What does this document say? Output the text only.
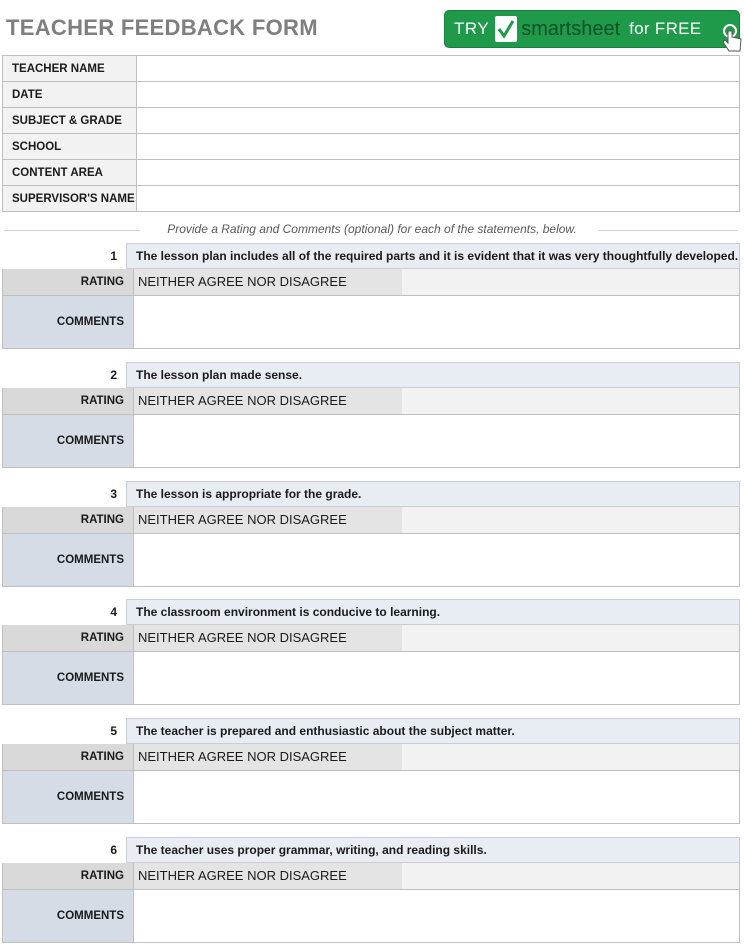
TEACHER FEEDBACK FORM	TRY smartsheet for FREE
TEACHER NAME	
DATE	
SUBJECT & GRADE	
SCHOOL	
CONTENT AREA	
SUPERVISOR'S NAME	
Provide a Rating and Comments (optional) for each of the statements, below.
1	The lesson plan includes all of the required parts and it is evident that it was very thoughtfully developed.
RATING	NEITHER AGREE NOR DISAGREE
COMMENTS
2	The lesson plan made sense.
RATING	NEITHER AGREE NOR DISAGREE
COMMENTS
3	The lesson is appropriate for the grade.
RATING	NEITHER AGREE NOR DISAGREE
COMMENTS
4	The classroom environment is conducive to learning.
RATING	NEITHER AGREE NOR DISAGREE
COMMENTS
5	The teacher is prepared and enthusiastic about the subject matter.
RATING	NEITHER AGREE NOR DISAGREE
COMMENTS
6	The teacher uses proper grammar, writing, and reading skills.
RATING	NEITHER AGREE NOR DISAGREE
COMMENTS
